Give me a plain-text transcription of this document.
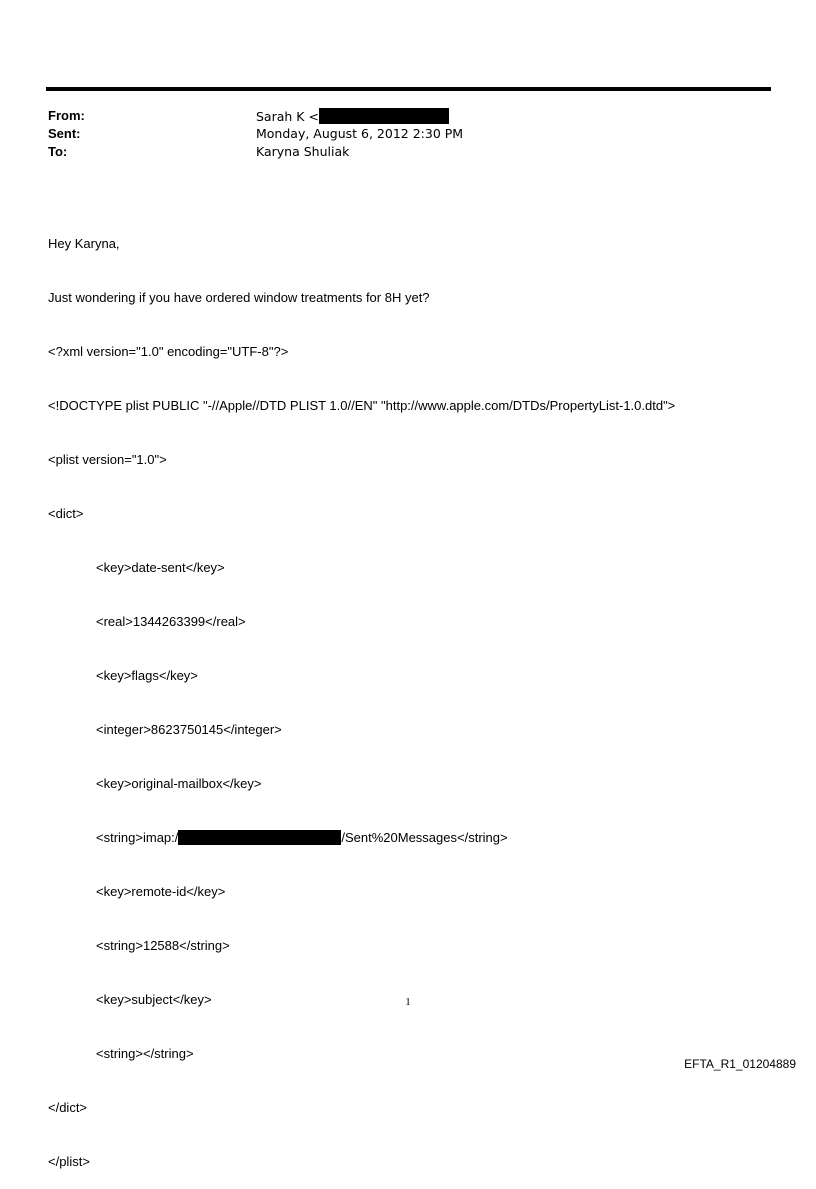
From:	Sarah K <
Sent:	Monday, August 6, 2012 2:30 PM
To:	Karyna Shuliak

Hey Karyna,

Just wondering if you have ordered window treatments for 8H yet?

<?xml version="1.0" encoding="UTF-8"?>

<!DOCTYPE plist PUBLIC "-//Apple//DTD PLIST 1.0//EN" "http://www.apple.com/DTDs/PropertyList-1.0.dtd">

<plist version="1.0">

<dict>

<key>date-sent</key>

<real>1344263399</real>

<key>flags</key>

<integer>8623750145</integer>

<key>original-mailbox</key>

<string>imap:/	/Sent%20Messages</string>

<key>remote-id</key>

<string>12588</string>

<key>subject</key>

<string></string>

</dict>

</plist>

1
EFTA_R1_01204889
